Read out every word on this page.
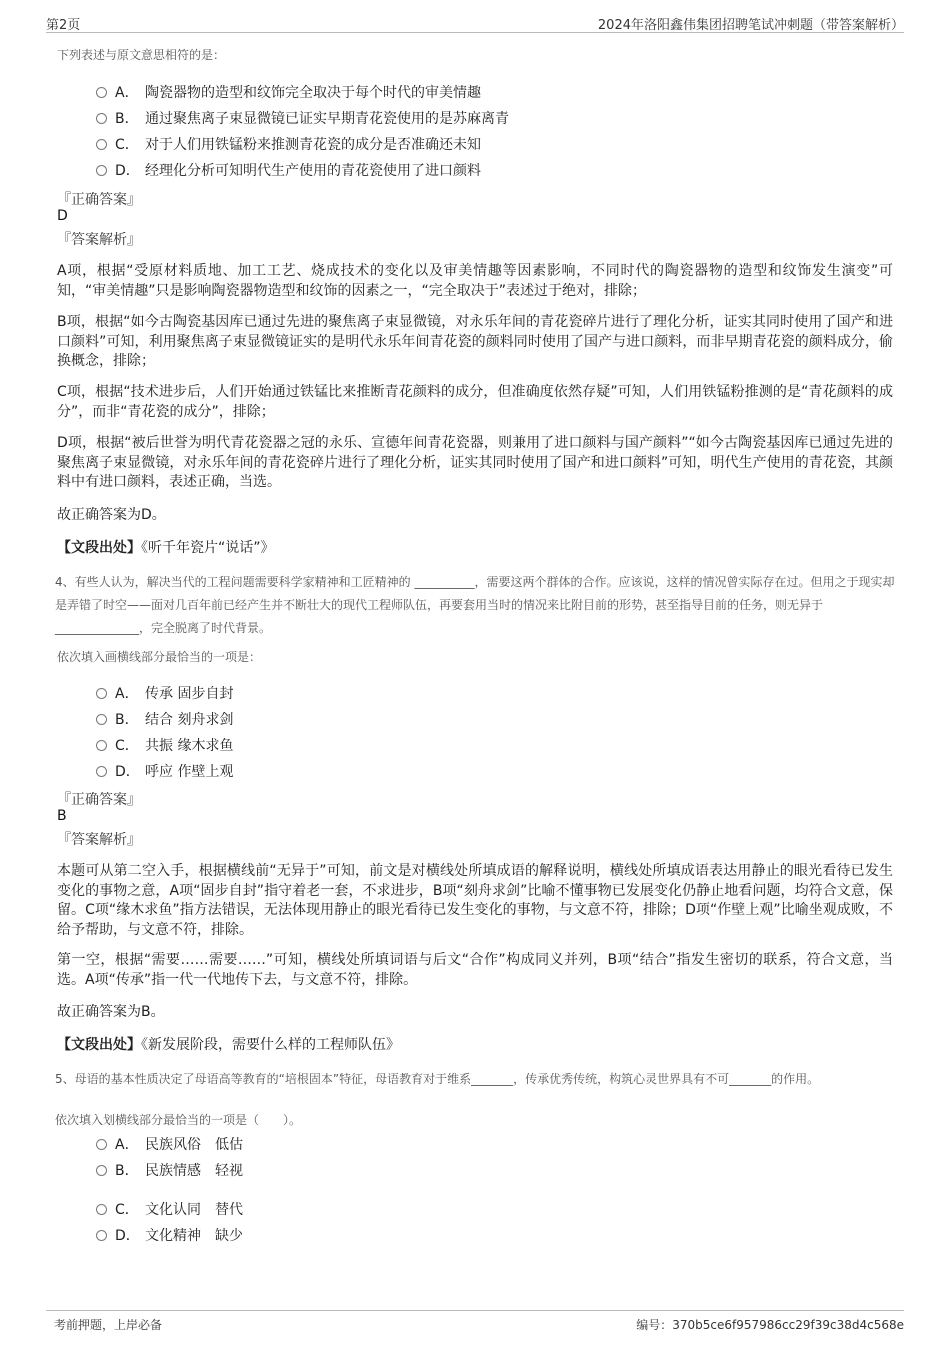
第2页	2024年洛阳鑫伟集团招聘笔试冲刺题（带答案解析）
下列表述与原文意思相符的是：
A． 陶瓷器物的造型和纹饰完全取决于每个时代的审美情趣
B． 通过聚焦离子束显微镜已证实早期青花瓷使用的是苏麻离青
C． 对于人们用铁锰粉来推测青花瓷的成分是否准确还未知
D． 经理化分析可知明代生产使用的青花瓷使用了进口颜料
『正确答案』
D
『答案解析』
A项，根据“受原材料质地、加工工艺、烧成技术的变化以及审美情趣等因素影响，不同时代的陶瓷器物的造型和纹饰发生演变”可知，“审美情趣”只是影响陶瓷器物造型和纹饰的因素之一，“完全取决于”表述过于绝对，排除；
B项，根据“如今古陶瓷基因库已通过先进的聚焦离子束显微镜，对永乐年间的青花瓷碎片进行了理化分析，证实其同时使用了国产和进口颜料”可知，利用聚焦离子束显微镜证实的是明代永乐年间青花瓷的颜料同时使用了国产与进口颜料，而非早期青花瓷的颜料成分，偷换概念，排除；
C项，根据“技术进步后，人们开始通过铁锰比来推断青花颜料的成分，但准确度依然存疑”可知，人们用铁锰粉推测的是“青花颜料的成分”，而非“青花瓷的成分”，排除；
D项，根据“被后世誉为明代青花瓷器之冠的永乐、宣德年间青花瓷器，则兼用了进口颜料与国产颜料”“如今古陶瓷基因库已通过先进的聚焦离子束显微镜，对永乐年间的青花瓷碎片进行了理化分析，证实其同时使用了国产和进口颜料”可知，明代生产使用的青花瓷，其颜料中有进口颜料，表述正确，当选。
故正确答案为D。
【文段出处】《听千年瓷片“说话”》
4、有些人认为，解决当代的工程问题需要科学家精神和工匠精神的 __________，需要这两个群体的合作。应该说，这样的情况曾实际存在过。但用之于现实却是弄错了时空——面对几百年前已经产生并不断壮大的现代工程师队伍，再要套用当时的情况来比附目前的形势，甚至指导目前的任务，则无异于 ______________，完全脱离了时代背景。
依次填入画横线部分最恰当的一项是：
A． 传承 固步自封
B． 结合 刻舟求剑
C． 共振 缘木求鱼
D． 呼应 作壁上观
『正确答案』
B
『答案解析』
本题可从第二空入手，根据横线前“无异于”可知，前文是对横线处所填成语的解释说明，横线处所填成语表达用静止的眼光看待已发生变化的事物之意，A项“固步自封”指守着老一套，不求进步，B项“刻舟求剑”比喻不懂事物已发展变化仍静止地看问题，均符合文意，保留。C项“缘木求鱼”指方法错误，无法体现用静止的眼光看待已发生变化的事物，与文意不符，排除；D项“作壁上观”比喻坐观成败，不给予帮助，与文意不符，排除。
第一空，根据“需要……需要……”可知，横线处所填词语与后文“合作”构成同义并列，B项“结合”指发生密切的联系，符合文意，当选。A项“传承”指一代一代地传下去，与文意不符，排除。
故正确答案为B。
【文段出处】《新发展阶段，需要什么样的工程师队伍》
5、母语的基本性质决定了母语高等教育的“培根固本”特征，母语教育对于维系_______，传承优秀传统，构筑心灵世界具有不可_______的作用。
依次填入划横线部分最恰当的一项是（　　）。
A． 民族风俗　低估
B． 民族情感　轻视
C． 文化认同　替代
D． 文化精神　缺少
考前押题，上岸必备	编号：370b5ce6f957986cc29f39c38d4c568e
